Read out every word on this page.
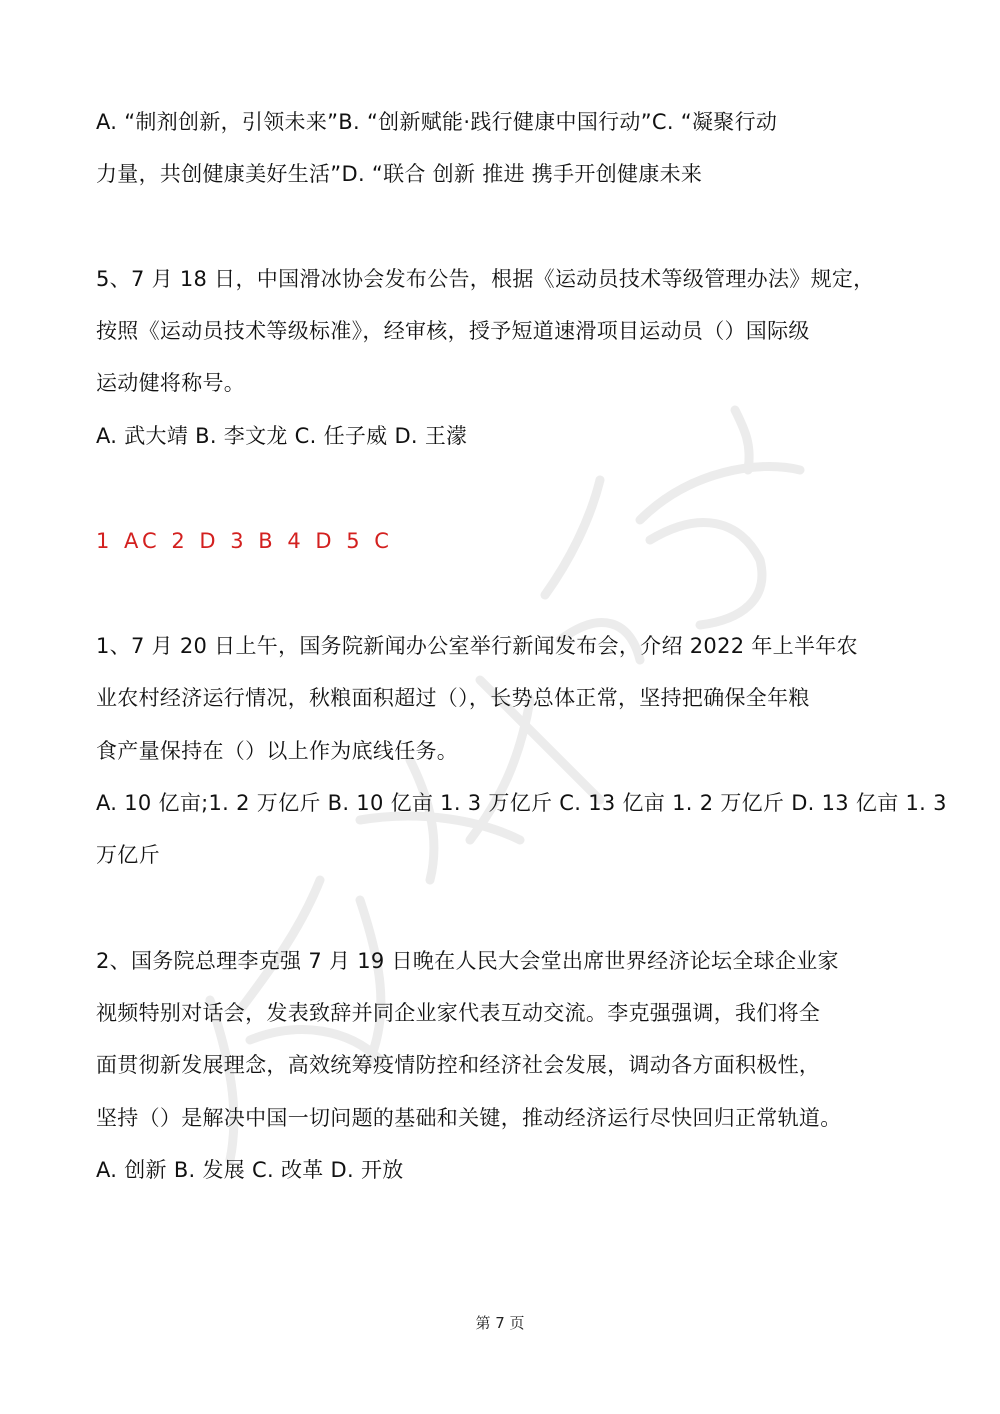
A. “制剂创新，引领未来”B. “创新赋能·践行健康中国行动”C. “凝聚行动
力量，共创健康美好生活”D. “联合 创新 推进 携手开创健康未来
5、7 月 18 日，中国滑冰协会发布公告，根据《运动员技术等级管理办法》规定，
按照《运动员技术等级标准》，经审核，授予短道速滑项目运动员（）国际级
运动健将称号。
A. 武大靖 B. 李文龙 C. 任子威 D. 王濛
1 AC 2 D 3 B 4 D 5 C
1、7 月 20 日上午，国务院新闻办公室举行新闻发布会，介绍 2022 年上半年农
业农村经济运行情况，秋粮面积超过（），长势总体正常，坚持把确保全年粮
食产量保持在（）以上作为底线任务。
A. 10 亿亩;1. 2 万亿斤 B. 10 亿亩 1. 3 万亿斤 C. 13 亿亩 1. 2 万亿斤 D. 13 亿亩 1. 3
万亿斤
2、国务院总理李克强 7 月 19 日晚在人民大会堂出席世界经济论坛全球企业家
视频特别对话会，发表致辞并同企业家代表互动交流。李克强强调，我们将全
面贯彻新发展理念，高效统筹疫情防控和经济社会发展，调动各方面积极性，
坚持（）是解决中国一切问题的基础和关键，推动经济运行尽快回归正常轨道。
A. 创新 B. 发展 C. 改革 D. 开放
第 7 页
